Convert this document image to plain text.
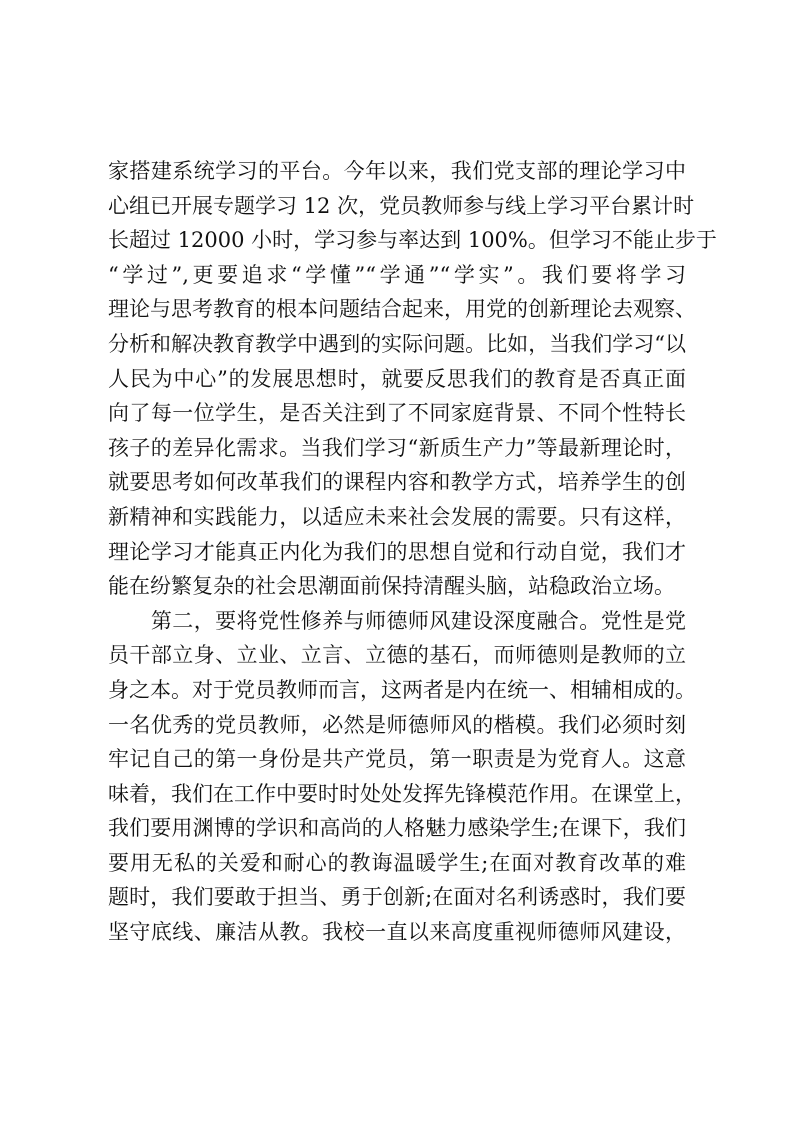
家搭建系统学习的平台。今年以来，我们党支部的理论学习中
心组已开展专题学习 12 次，党员教师参与线上学习平台累计时
长超过 12000 小时，学习参与率达到 100%。但学习不能止步于
“学过”,更要追求“学懂”“学通”“学实”。我们要将学习
理论与思考教育的根本问题结合起来，用党的创新理论去观察、
分析和解决教育教学中遇到的实际问题。比如，当我们学习“以
人民为中心”的发展思想时，就要反思我们的教育是否真正面
向了每一位学生，是否关注到了不同家庭背景、不同个性特长
孩子的差异化需求。当我们学习“新质生产力”等最新理论时，
就要思考如何改革我们的课程内容和教学方式，培养学生的创
新精神和实践能力，以适应未来社会发展的需要。只有这样，
理论学习才能真正内化为我们的思想自觉和行动自觉，我们才
能在纷繁复杂的社会思潮面前保持清醒头脑，站稳政治立场。
　　第二，要将党性修养与师德师风建设深度融合。党性是党
员干部立身、立业、立言、立德的基石，而师德则是教师的立
身之本。对于党员教师而言，这两者是内在统一、相辅相成的。
一名优秀的党员教师，必然是师德师风的楷模。我们必须时刻
牢记自己的第一身份是共产党员，第一职责是为党育人。这意
味着，我们在工作中要时时处处发挥先锋模范作用。在课堂上，
我们要用渊博的学识和高尚的人格魅力感染学生;在课下，我们
要用无私的关爱和耐心的教诲温暖学生;在面对教育改革的难
题时，我们要敢于担当、勇于创新;在面对名利诱惑时，我们要
坚守底线、廉洁从教。我校一直以来高度重视师德师风建设，
